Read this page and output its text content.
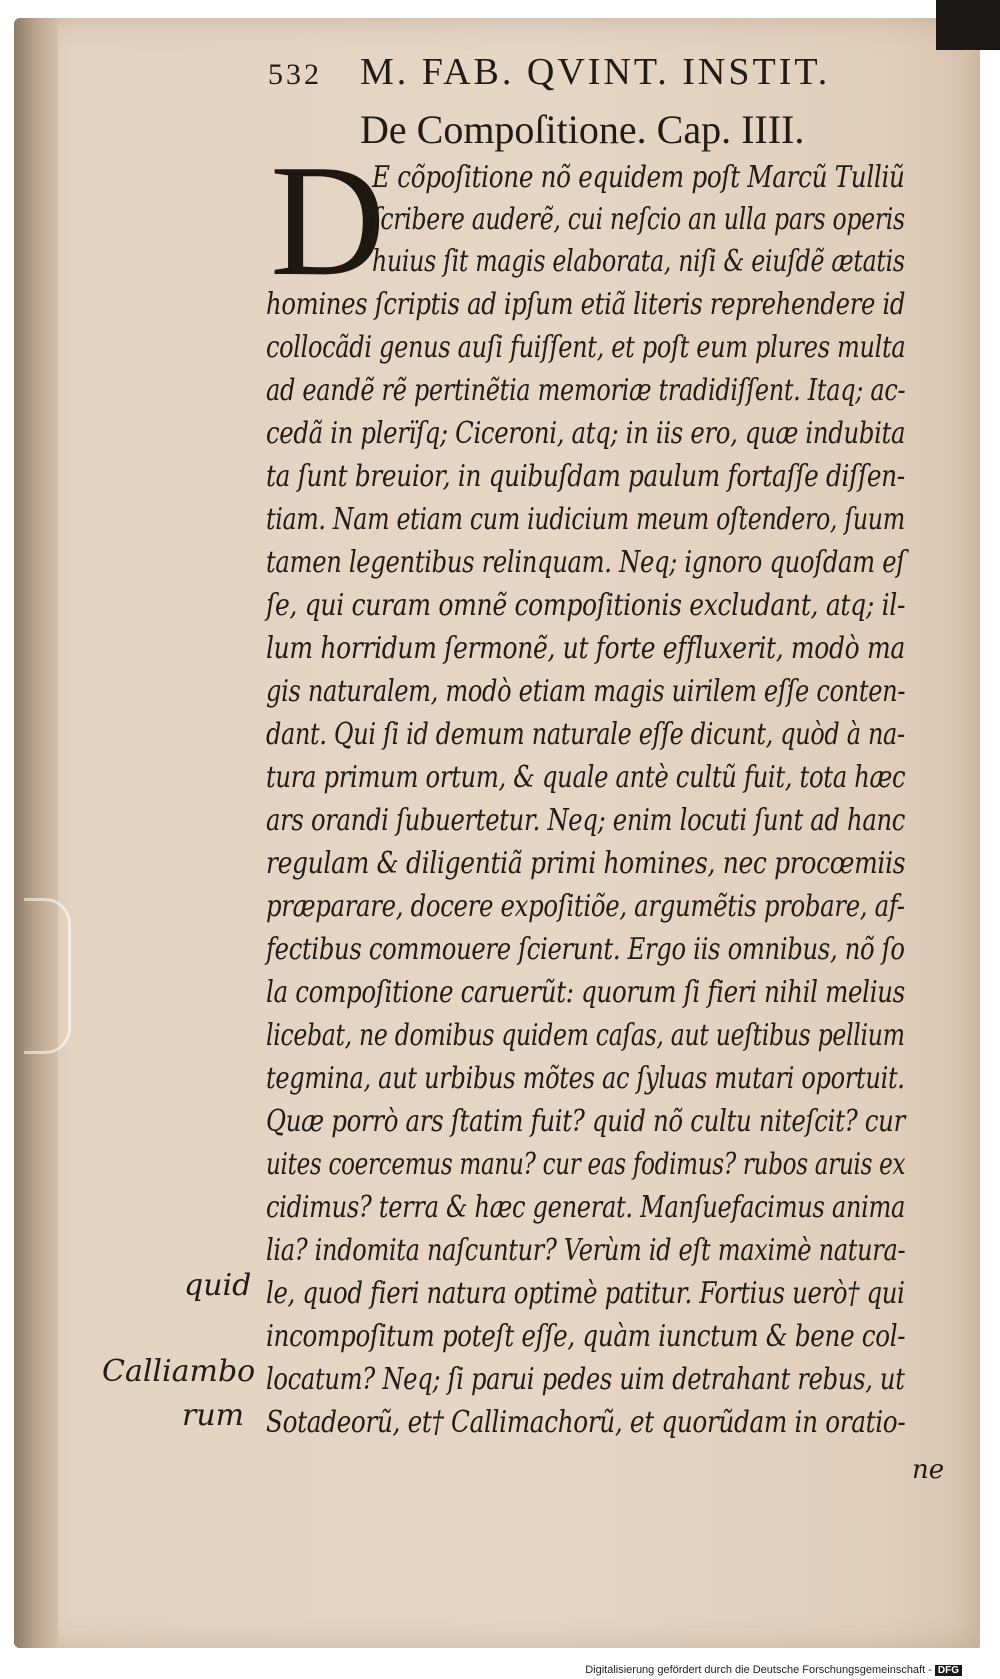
532 M. FAB. QVINT. INSTIT.
De Compoſitione. Cap. IIII.
D
E cõpoſitione nõ equidem poſt Marcũ Tulliũ
ſcribere auderẽ, cui neſcio an ulla pars operis
huius ſit magis elaborata, niſi & eiuſdẽ ætatis
homines ſcriptis ad ipſum etiã literis reprehendere id
collocãdi genus auſi fuiſſent, et poſt eum plures multa
ad eandẽ rẽ pertinẽtia memoriæ tradidiſſent. Itaq; ac-
cedã in plerïſq; Ciceroni, atq; in iis ero, quæ indubita
ta ſunt breuior, in quibuſdam paulum fortaſſe diſſen-
tiam. Nam etiam cum iudicium meum oſtendero, ſuum
tamen legentibus relinquam. Neq; ignoro quoſdam eſ
ſe, qui curam omnẽ compoſitionis excludant, atq; il-
lum horridum ſermonẽ, ut forte effluxerit, modò ma
gis naturalem, modò etiam magis uirilem eſſe conten-
dant. Qui ſi id demum naturale eſſe dicunt, quòd à na-
tura primum ortum, & quale antè cultũ fuit, tota hæc
ars orandi ſubuertetur. Neq; enim locuti ſunt ad hanc
regulam & diligentiã primi homines, nec procœmiis
præparare, docere expoſitiõe, argumẽtis probare, af-
fectibus commouere ſcierunt. Ergo iis omnibus, nõ ſo
la compoſitione caruerũt: quorum ſi fieri nihil melius
licebat, ne domibus quidem caſas, aut ueſtibus pellium
tegmina, aut urbibus mõtes ac ſyluas mutari oportuit.
Quæ porrò ars ſtatim fuit? quid nõ cultu niteſcit? cur
uites coercemus manu? cur eas fodimus? rubos aruis ex
cidimus? terra & hæc generat. Manſuefacimus anima
lia? indomita naſcuntur? Verùm id eſt maximè natura-
le, quod fieri natura optimè patitur. Fortius uerò† qui
incompoſitum poteſt eſſe, quàm iunctum & bene col-
locatum? Neq; ſi parui pedes uim detrahant rebus, ut
Sotadeorũ, et† Callimachorũ, et quorũdam in oratio-
quid
Calliambo
rum
ne
Digitalisierung gefördert durch die Deutsche Forschungsgemeinschaft - DFG
